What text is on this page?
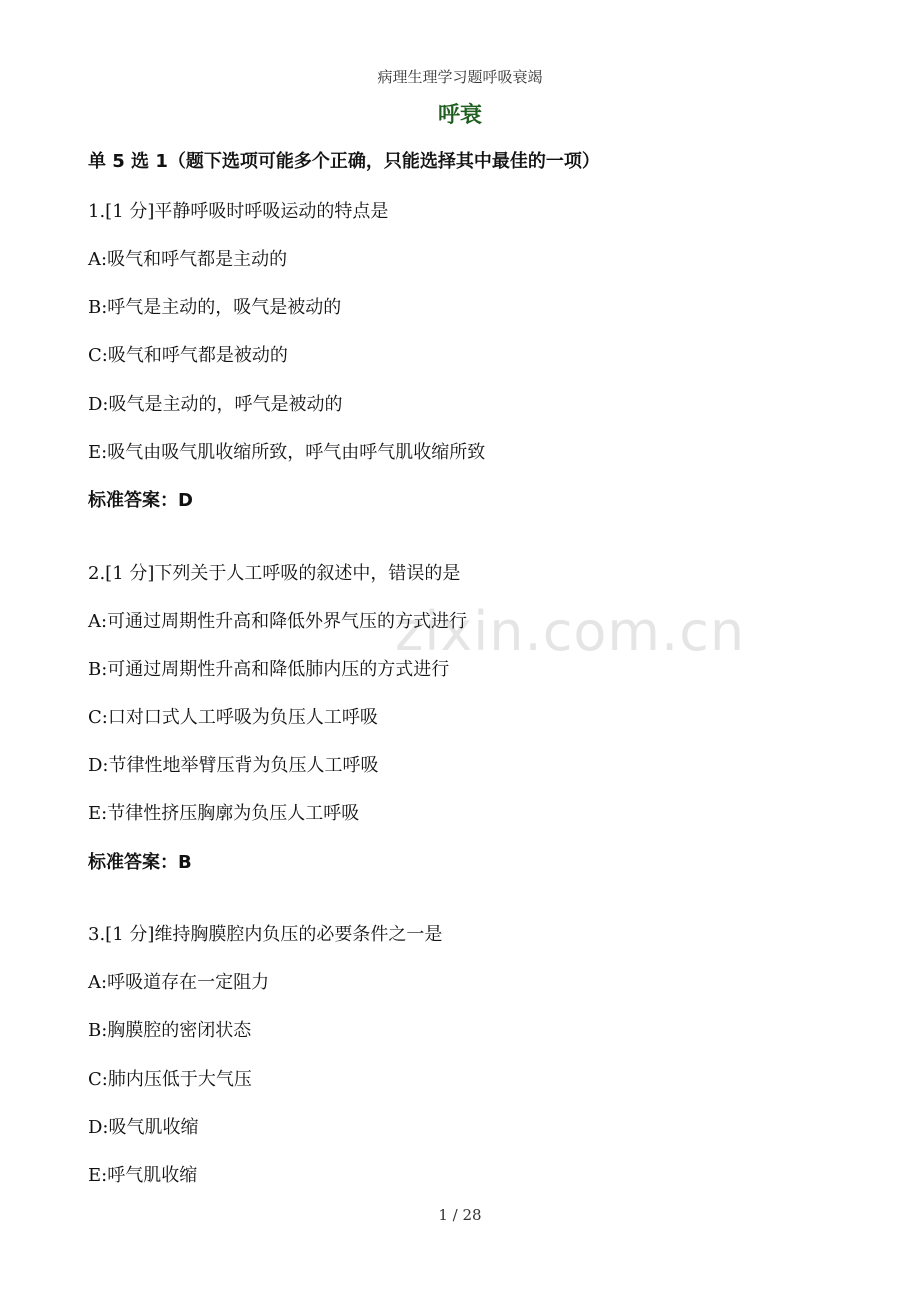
zixin.com.cn
病理生理学习题呼吸衰竭
呼衰
单 5 选 1（题下选项可能多个正确，只能选择其中最佳的一项）
1.[1 分]平静呼吸时呼吸运动的特点是
A:吸气和呼气都是主动的
B:呼气是主动的，吸气是被动的
C:吸气和呼气都是被动的
D:吸气是主动的，呼气是被动的
E:吸气由吸气肌收缩所致，呼气由呼气肌收缩所致
标准答案：D
2.[1 分]下列关于人工呼吸的叙述中，错误的是
A:可通过周期性升高和降低外界气压的方式进行
B:可通过周期性升高和降低肺内压的方式进行
C:口对口式人工呼吸为负压人工呼吸
D:节律性地举臂压背为负压人工呼吸
E:节律性挤压胸廓为负压人工呼吸
标准答案：B
3.[1 分]维持胸膜腔内负压的必要条件之一是
A:呼吸道存在一定阻力
B:胸膜腔的密闭状态
C:肺内压低于大气压
D:吸气肌收缩
E:呼气肌收缩
1 / 28
